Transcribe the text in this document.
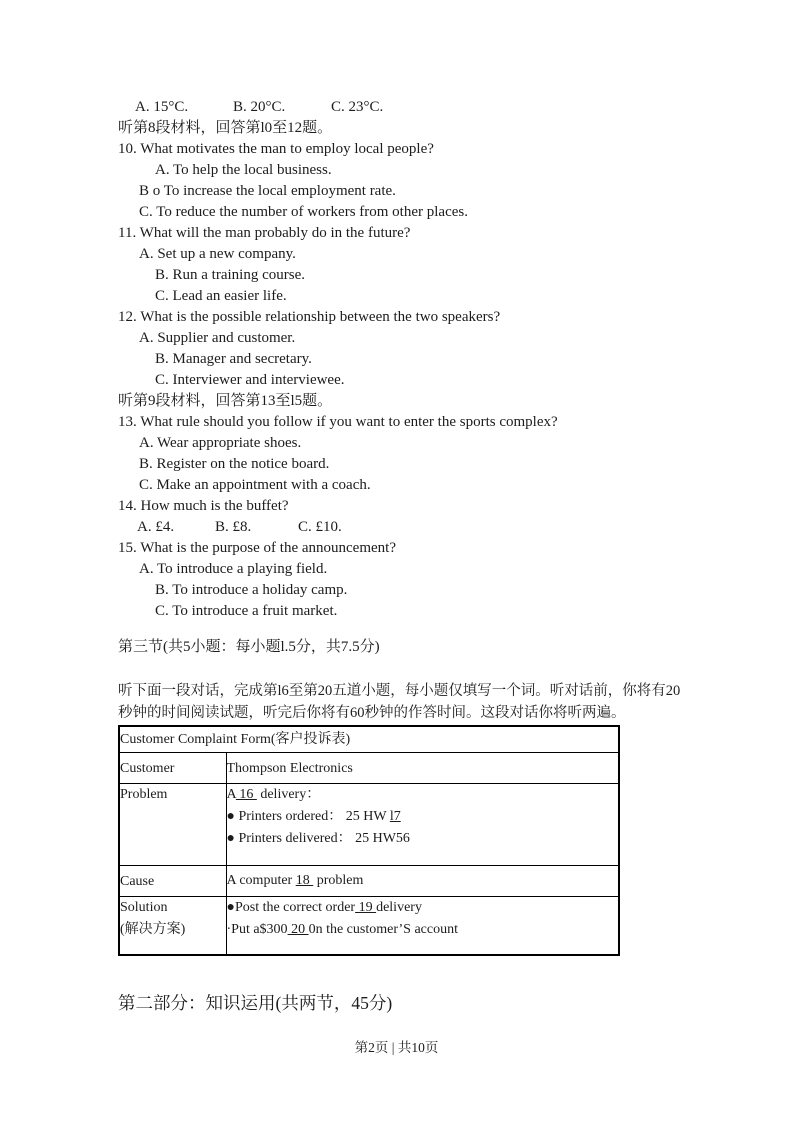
A. 15°C.	B. 20°C.	C. 23°C.
听第8段材料，回答第l0至12题。
10. What motivates the man to employ local people?
A. To help the local business.
B o To increase the local employment rate.
C. To reduce the number of workers from other places.
11. What will the man probably do in the future?
A. Set up a new company.
B. Run a training course.
C. Lead an easier life.
12. What is the possible relationship between the two speakers?
A. Supplier and customer.
B. Manager and secretary.
C. Interviewer and interviewee.
听第9段材料，回答第13至l5题。
13. What rule should you follow if you want to enter the sports complex?
A. Wear appropriate shoes.
B. Register on the notice board.
C. Make an appointment with a coach.
14. How much is the buffet?
A. £4.	B. £8.	C. £10.
15. What is the purpose of the announcement?
A. To introduce a playing field.
B. To introduce a holiday camp.
C. To introduce a fruit market.
第三节(共5小题：每小题l.5分，共7.5分)
听下面一段对话，完成第l6至第20五道小题，每小题仅填写一个词。听对话前，你将有20
秒钟的时间阅读试题，听完后你将有60秒钟的作答时间。这段对话你将听两遍。
Customer Complaint Form(客户投诉表)	
Customer	Thompson Electronics
Problem	A 16  delivery：
● Printers ordered： 25 HW l7
● Printers delivered： 25 HW56

Cause	A computer 18  problem

Solution
(解决方案)

●Post the correct order 19 delivery
·Put a$300 20 0n the customer’S account
第二部分：知识运用(共两节，45分)
第2页 | 共10页
